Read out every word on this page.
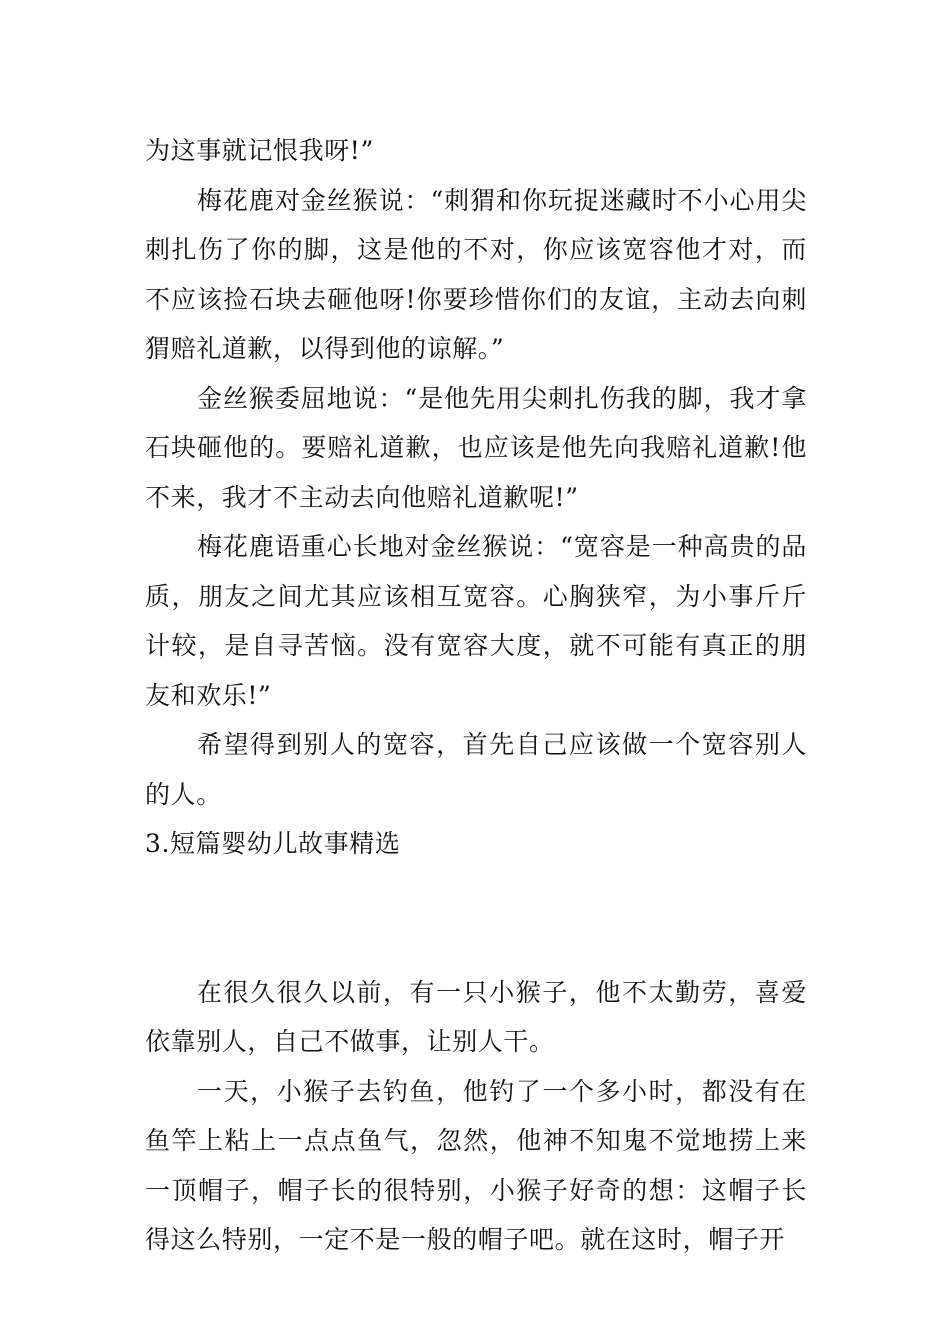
为这事就记恨我呀!”

梅花鹿对金丝猴说：“刺猬和你玩捉迷藏时不小心用尖刺扎伤了你的脚，这是他的不对，你应该宽容他才对，而不应该捡石块去砸他呀!你要珍惜你们的友谊，主动去向刺猬赔礼道歉，以得到他的谅解。”

金丝猴委屈地说：“是他先用尖刺扎伤我的脚，我才拿石块砸他的。要赔礼道歉，也应该是他先向我赔礼道歉!他不来，我才不主动去向他赔礼道歉呢!”

梅花鹿语重心长地对金丝猴说：“宽容是一种高贵的品质，朋友之间尤其应该相互宽容。心胸狭窄，为小事斤斤计较，是自寻苦恼。没有宽容大度，就不可能有真正的朋友和欢乐!”

希望得到别人的宽容，首先自己应该做一个宽容别人的人。

3.短篇婴幼儿故事精选

在很久很久以前，有一只小猴子，他不太勤劳，喜爱依靠别人，自己不做事，让别人干。

一天，小猴子去钓鱼，他钓了一个多小时，都没有在鱼竿上粘上一点点鱼气，忽然，他神不知鬼不觉地捞上来一顶帽子，帽子长的很特别，小猴子好奇的想：这帽子长得这么特别，一定不是一般的帽子吧。就在这时，帽子开
